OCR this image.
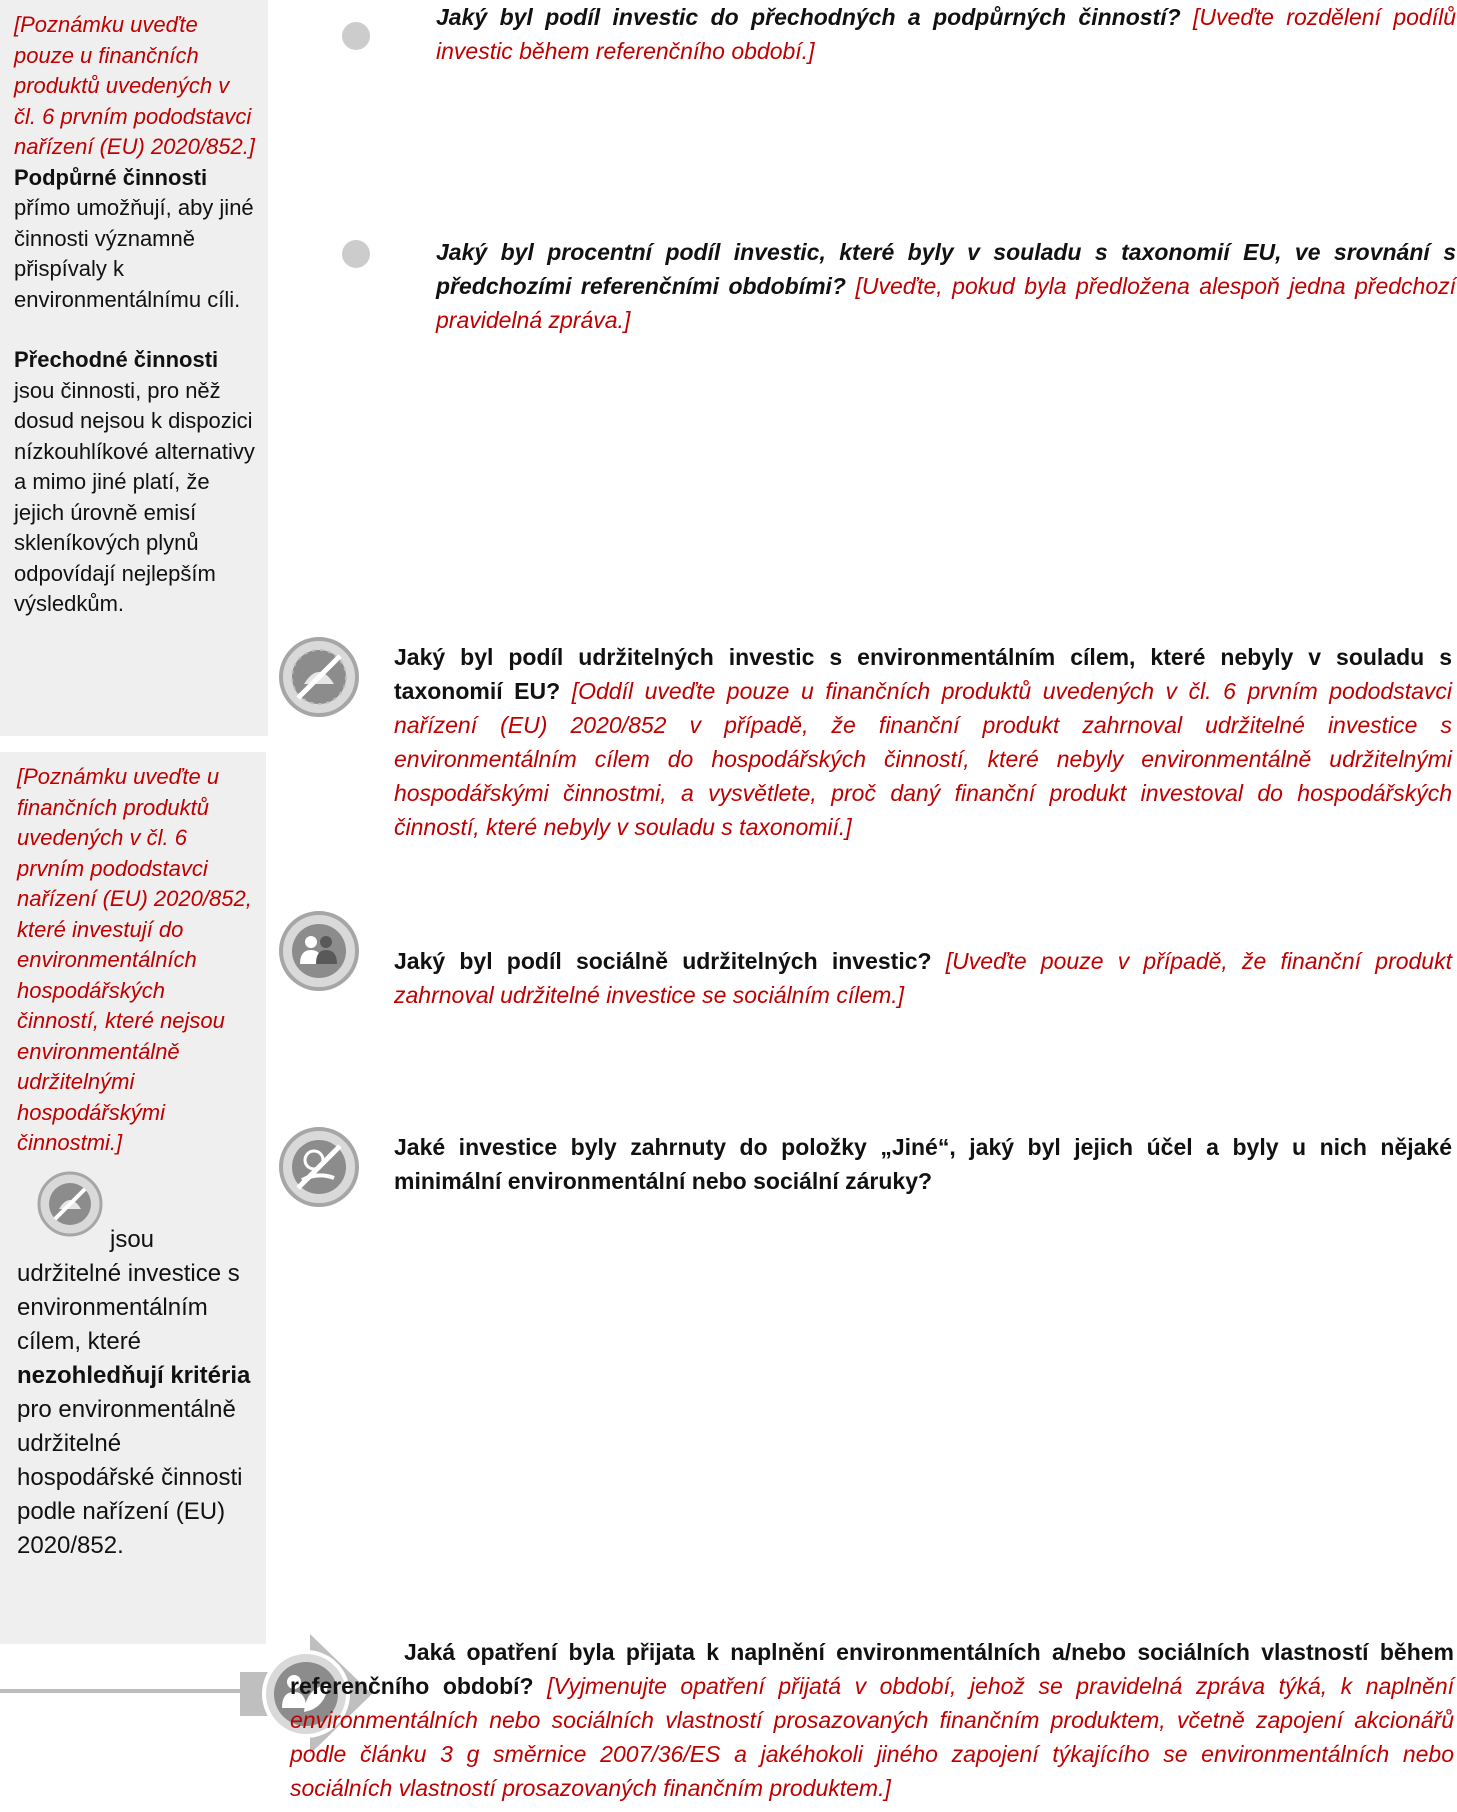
[Poznámku uveďte pouze u finančních produktů uvedených v čl. 6 prvním pododstavci nařízení (EU) 2020/852.]
Podpůrné činnosti
přímo umožňují, aby jiné činnosti významně přispívaly k environmentálnímu cíli.
Přechodné činnosti
jsou činnosti, pro něž dosud nejsou k dispozici nízkouhlíkové alternativy a mimo jiné platí, že jejich úrovně emisí skleníkových plynů odpovídají nejlepším výsledkům.
[Poznámku uveďte u finančních produktů uvedených v čl. 6 prvním pododstavci nařízení (EU) 2020/852, které investují do environmentálních hospodářských činností, které nejsou environmentálně udržitelnými hospodářskými činnostmi.]
jsou udržitelné investice s environmentálním cílem, které nezohledňují kritéria pro environmentálně udržitelné hospodářské činnosti podle nařízení (EU) 2020/852.
Jaký byl podíl investic do přechodných a podpůrných činností? [Uveďte rozdělení podílů investic během referenčního období.]
Jaký byl procentní podíl investic, které byly v souladu s taxonomií EU, ve srovnání s předchozími referenčními obdobími? [Uveďte, pokud byla předložena alespoň jedna předchozí pravidelná zpráva.]
Jaký byl podíl udržitelných investic s environmentálním cílem, které nebyly v souladu s taxonomií EU? [Oddíl uveďte pouze u finančních produktů uvedených v čl. 6 prvním pododstavci nařízení (EU) 2020/852 v případě, že finanční produkt zahrnoval udržitelné investice s environmentálním cílem do hospodářských činností, které nebyly environmentálně udržitelnými hospodářskými činnostmi, a vysvětlete, proč daný finanční produkt investoval do hospodářských činností, které nebyly v souladu s taxonomií.]
Jaký byl podíl sociálně udržitelných investic? [Uveďte pouze v případě, že finanční produkt zahrnoval udržitelné investice se sociálním cílem.]
Jaké investice byly zahrnuty do položky „Jiné“, jaký byl jejich účel a byly u nich nějaké minimální environmentální nebo sociální záruky?
Jaká opatření byla přijata k naplnění environmentálních a/nebo sociálních vlastností během referenčního období? [Vyjmenujte opatření přijatá v období, jehož se pravidelná zpráva týká, k naplnění environmentálních nebo sociálních vlastností prosazovaných finančním produktem, včetně zapojení akcionářů podle článku 3 g směrnice 2007/36/ES a jakéhokoli jiného zapojení týkajícího se environmentálních nebo sociálních vlastností prosazovaných finančním produktem.]
